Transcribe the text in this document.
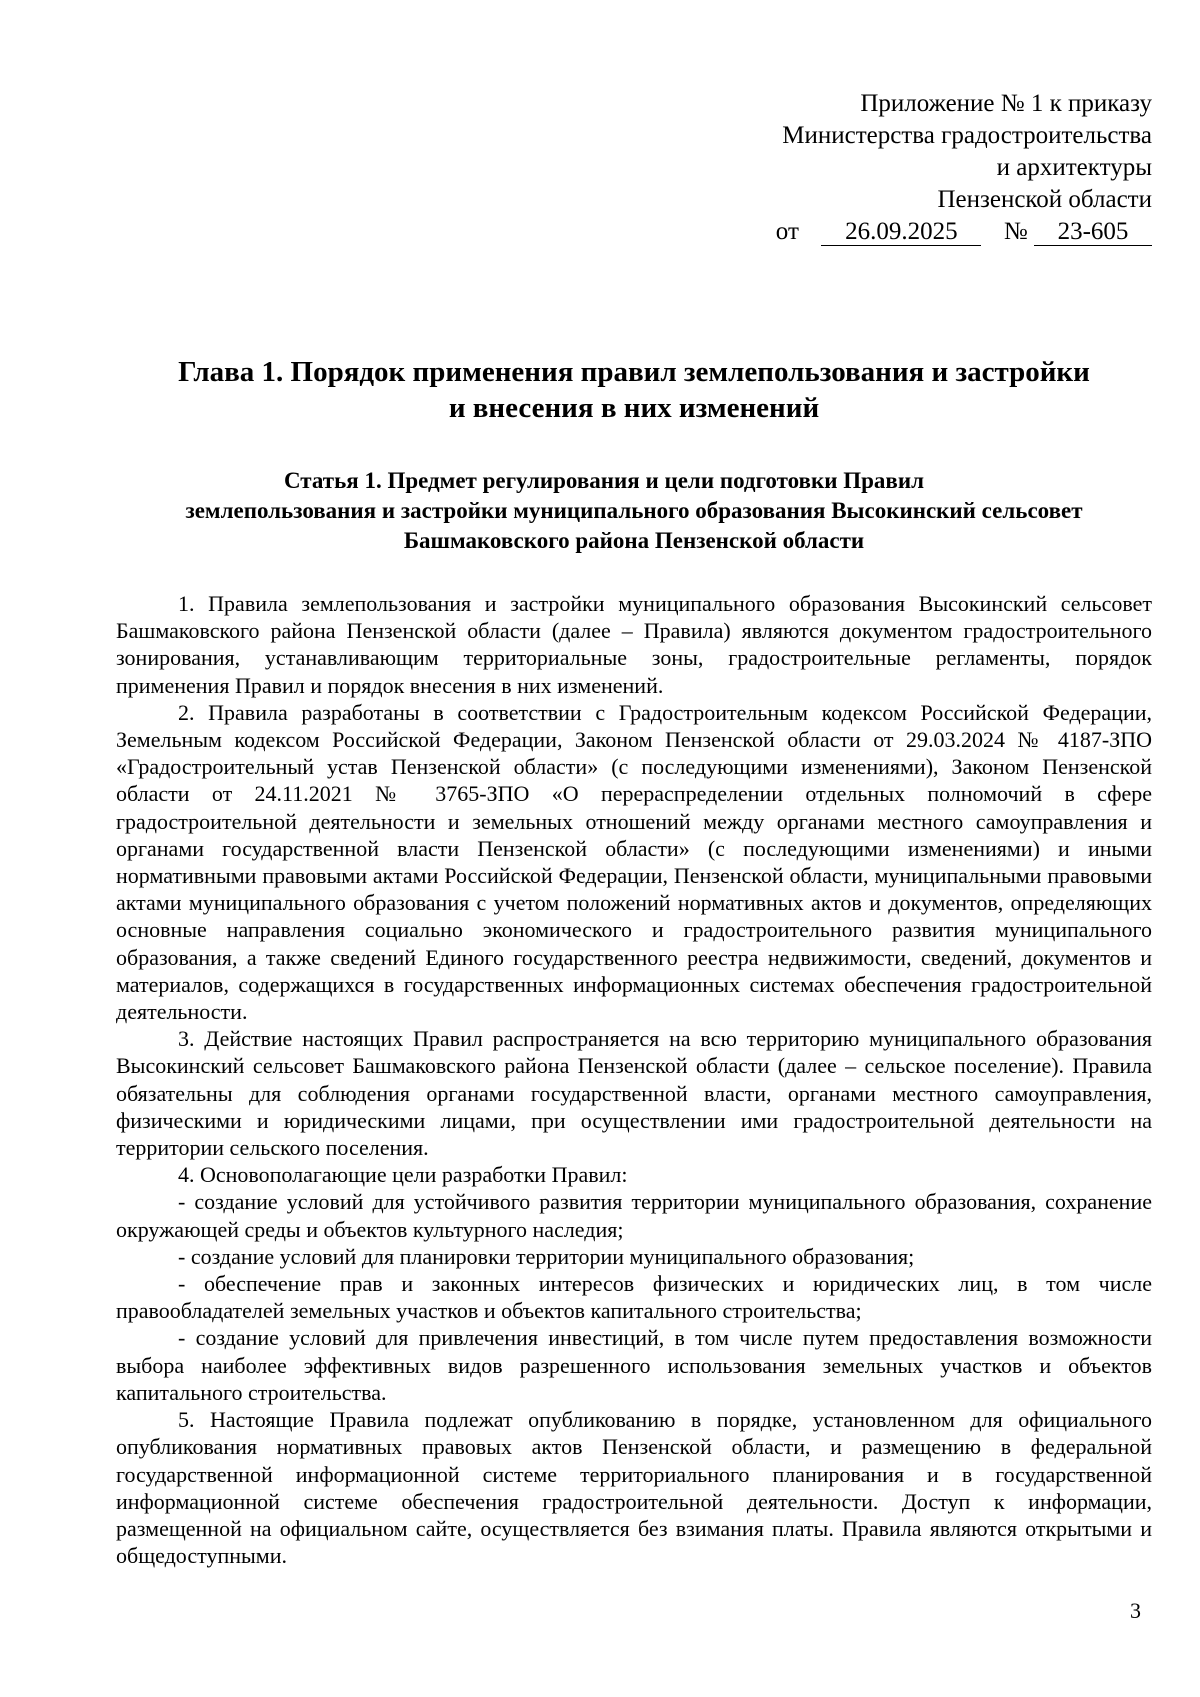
Приложение № 1 к приказу
Министерства градостроительства
и архитектуры
Пензенской области
от 26.09.2025 № 23-605
Глава 1. Порядок применения правил землепользования и застройки
и внесения в них изменений
Статья 1. Предмет регулирования и цели подготовки Правил
землепользования и застройки муниципального образования Высокинский сельсовет
Башмаковского района Пензенской области

1. Правила землепользования и застройки муниципального образования Высокинский сельсовет Башмаковского района Пензенской области (далее – Правила) являются документом градостроительного зонирования, устанавливающим территориальные зоны, градостроительные регламенты, порядок применения Правил и порядок внесения в них изменений.

2. Правила разработаны в соответствии с Градостроительным кодексом Российской Федерации, Земельным кодексом Российской Федерации, Законом Пензенской области от 29.03.2024 № 4187-ЗПО «Градостроительный устав Пензенской области» (с последующими изменениями), Законом Пензенской области от 24.11.2021 № 3765-ЗПО «О перераспределении отдельных полномочий в сфере градостроительной деятельности и земельных отношений между органами местного самоуправления и органами государственной власти Пензенской области» (с последующими изменениями) и иными нормативными правовыми актами Российской Федерации, Пензенской области, муниципальными правовыми актами муниципального образования с учетом положений нормативных актов и документов, определяющих основные направления социально экономического и градостроительного развития муниципального образования, а также сведений Единого государственного реестра недвижимости, сведений, документов и материалов, содержащихся в государственных информационных системах обеспечения градостроительной деятельности.

3. Действие настоящих Правил распространяется на всю территорию муниципального образования Высокинский сельсовет Башмаковского района Пензенской области (далее – сельское поселение). Правила обязательны для соблюдения органами государственной власти, органами местного самоуправления, физическими и юридическими лицами, при осуществлении ими градостроительной деятельности на территории сельского поселения.

4. Основополагающие цели разработки Правил:

- создание условий для устойчивого развития территории муниципального образования, сохранение окружающей среды и объектов культурного наследия;

- создание условий для планировки территории муниципального образования;

- обеспечение прав и законных интересов физических и юридических лиц, в том числе правообладателей земельных участков и объектов капитального строительства;

- создание условий для привлечения инвестиций, в том числе путем предоставления возможности выбора наиболее эффективных видов разрешенного использования земельных участков и объектов капитального строительства.

5. Настоящие Правила подлежат опубликованию в порядке, установленном для официального опубликования нормативных правовых актов Пензенской области, и размещению в федеральной государственной информационной системе территориального планирования и в государственной информационной системе обеспечения градостроительной деятельности. Доступ к информации, размещенной на официальном сайте, осуществляется без взимания платы. Правила являются открытыми и общедоступными.

3
